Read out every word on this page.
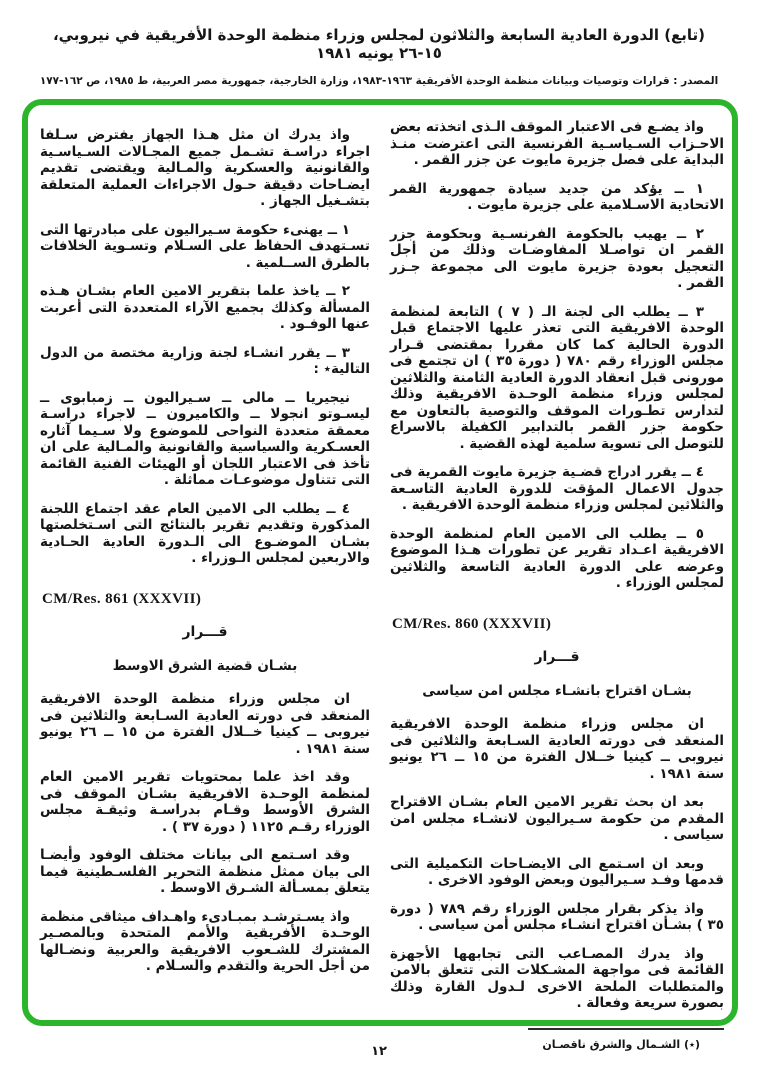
(تابع) الدورة العادية السابعة والثلاثون لمجلس وزراء منظمة الوحدة الأفريقية في نيروبي، ١٥-٢٦ يونيه ١٩٨١
المصدر : قرارات وتوصيات وبيانات منظمة الوحدة الأفريقية ١٩٦٣-١٩٨٣، وزارة الخارجية، جمهورية مصر العربية، ط ١٩٨٥، ص ١٦٢-١٧٧

واذ يدرك ان مثل هـذا الجهاز يفترض سـلفا اجراء دراسـة تشـمل جميع المجـالات السـياسـية والقانونية والعسكرية والمـالية ويقتضى تقديم ايضـاحات دقيقة حـول الاجراءات العملية المتعلقة بتشـغيل الجهاز .

١ ــ يهنىء حكومة سـيراليون على مبادرتها التى تسـتهدف الحفاظ على السـلام وتسـوية الخلافات بالطرق الســلمية .

٢ ــ ياخذ علما بتقرير الامين العام بشـان هـذه المسألة وكذلك بجميع الآراء المتعددة التى أعربت عنها الوفـود .

٣ ــ يقرر انشـاء لجنة وزارية مختصة من الدول التالية٭ :

نيجيريا ــ مالى ــ سـيراليون ــ زمبابوى ــ ليسـوتو انجولا ــ والكاميرون ــ لاجراء دراسـة معمقة متعددة النواحى للموضوع ولا سـيما آثاره العسـكرية والسياسية والقانونية والمـالية على ان تأخذ فى الاعتبار اللجان أو الهيئات الفنية القائمة التى تتناول موضوعـات مماثلة .

٤ ــ يطلب الى الامين العام عقد اجتماع اللجنة المذكورة وتقديم تقرير بالنتائج التى اسـتخلصتها بشـان الموضـوع الى الـدورة العادية الحـادية والاربعين لمجلس الـوزراء .

CM/Res. 861 (XXXVII)
قـــرار
بشـان قضية الشرق الاوسط

ان مجلس وزراء منظمة الوحدة الافريقية المنعقد فى دورته العادية السـابعة والثلاثين فى نيروبى ــ كينيا خــلال الفترة من ١٥ ــ ٢٦ يونيو سنة ١٩٨١ .

وقد اخذ علما بمحتويات تقرير الامين العام لمنظمة الوحـدة الافريقية بشـان الموقف فى الشرق الأوسط وقـام بدراسـة وثيقـة مجلس الوزراء رقـم ١١٢٥ ( دورة ٣٧ ) .

وقد اسـتمع الى بيانات مختلف الوفود وأيضـا الى بيان ممثل منظمة التحرير الفلسـطينية فيما يتعلق بمسـألة الشـرق الاوسط .

واذ يسـترشـد بمبـادىء واهـداف ميثاقى منظمة الوحـدة الأفريقية والأمم المتحدة وبالمصـير المشترك للشـعوب الافريقية والعربية ونضـالها من أجل الحرية والتقدم والسـلام .

واذ يضـع فى الاعتبار الموقف الـذى اتخذته بعض الاحـزاب السـياسـية الفرنسية التى اعترضت منـذ البداية على فصل جزيرة مايوت عن جزر القمر .

١ ــ يؤكد من جديد سيادة جمهورية القمر الاتحادية الاسـلامية على جزيرة مايوت .

٢ ــ يهيب بالحكومة الفرنسـية وبحكومة جزر القمر ان تواصـلا المفاوضـات وذلك من أجل التعجيل بعودة جزيرة مايوت الى مجموعة جـزر القمر .

٣ ــ يطلب الى لجنة الـ ( ٧ ) التابعة لمنظمة الوحدة الافريقية التى تعذر عليها الاجتماع قبل الدورة الحالية كما كان مقررا بمقتضى قـرار مجلس الوزراء رقم ٧٨٠ ( دورة ٣٥ ) ان تجتمع فى مورونى قبل انعقاد الدورة العادية الثامنة والثلاثين لمجلس وزراء منظمة الوحـدة الافريقية وذلك لتدارس تطـورات الموقف والتوصية بالتعاون مع حكومة جزر القمر بالتدابير الكفيلة بالاسراع للتوصل الى تسوية سلمية لهذه القضية .

٤ ــ يقرر ادراج قضـية جزيرة مايوت القمرية فى جدول الاعمال المؤقت للدورة العادية التاسـعة والثلاثين لمجلس وزراء منظمة الوحدة الافريقية .

٥ ــ يطلب الى الامين العام لمنظمة الوحدة الافريقية اعـداد تقرير عن تطورات هـذا الموضوع وعرضه على الدورة العادية التاسعة والثلاثين لمجلس الوزراء .

CM/Res. 860 (XXXVII)
قـــرار
بشـان اقتراح بانشـاء مجلس امن سياسى

ان مجلس وزراء منظمة الوحدة الافريقية المنعقد فى دورته العادية السـابعة والثلاثين فى نيروبى ــ كينيا خــلال الفترة من ١٥ ــ ٢٦ يونيو سنة ١٩٨١ .

بعد ان بحث تقرير الامين العام بشـان الاقتراح المقدم من حكومة سـيراليون لانشـاء مجلس امن سياسى .

وبعد ان اسـتمع الى الايضـاحات التكميلية التى قدمها وفـد سـيراليون وبعض الوفود الاخرى .

واذ يذكر بقرار مجلس الوزراء رقم ٧٨٩ ( دورة ٣٥ ) بشـأن اقتراح انشـاء مجلس أمن سياسى .

واذ يدرك المصـاعب التى تجابهها الأجهزة القائمة فى مواجهة المشـكلات التى تتعلق بالامن والمتطلبات الملحة الاخرى لـدول القارة وذلك بصورة سريعة وفعالة .

(٭) الشـمال والشرق ناقصـان
١٢
